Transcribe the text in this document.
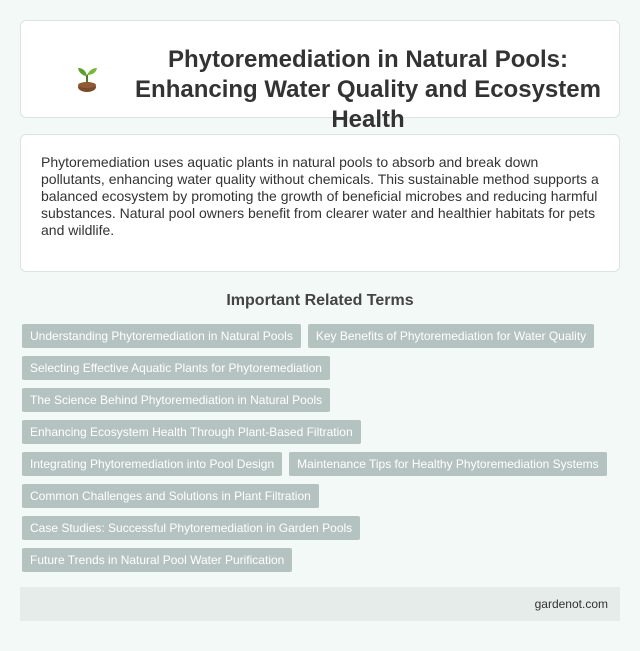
Phytoremediation in Natural Pools: Enhancing Water Quality and Ecosystem Health

Phytoremediation uses aquatic plants in natural pools to absorb and break down pollutants, enhancing water quality without chemicals. This sustainable method supports a balanced ecosystem by promoting the growth of beneficial microbes and reducing harmful substances. Natural pool owners benefit from clearer water and healthier habitats for pets and wildlife.

Important Related Terms
Understanding Phytoremediation in Natural Pools	Key Benefits of Phytoremediation for Water Quality
Selecting Effective Aquatic Plants for Phytoremediation
The Science Behind Phytoremediation in Natural Pools
Enhancing Ecosystem Health Through Plant-Based Filtration
Integrating Phytoremediation into Pool Design	Maintenance Tips for Healthy Phytoremediation Systems
Common Challenges and Solutions in Plant Filtration
Case Studies: Successful Phytoremediation in Garden Pools
Future Trends in Natural Pool Water Purification
gardenot.com
